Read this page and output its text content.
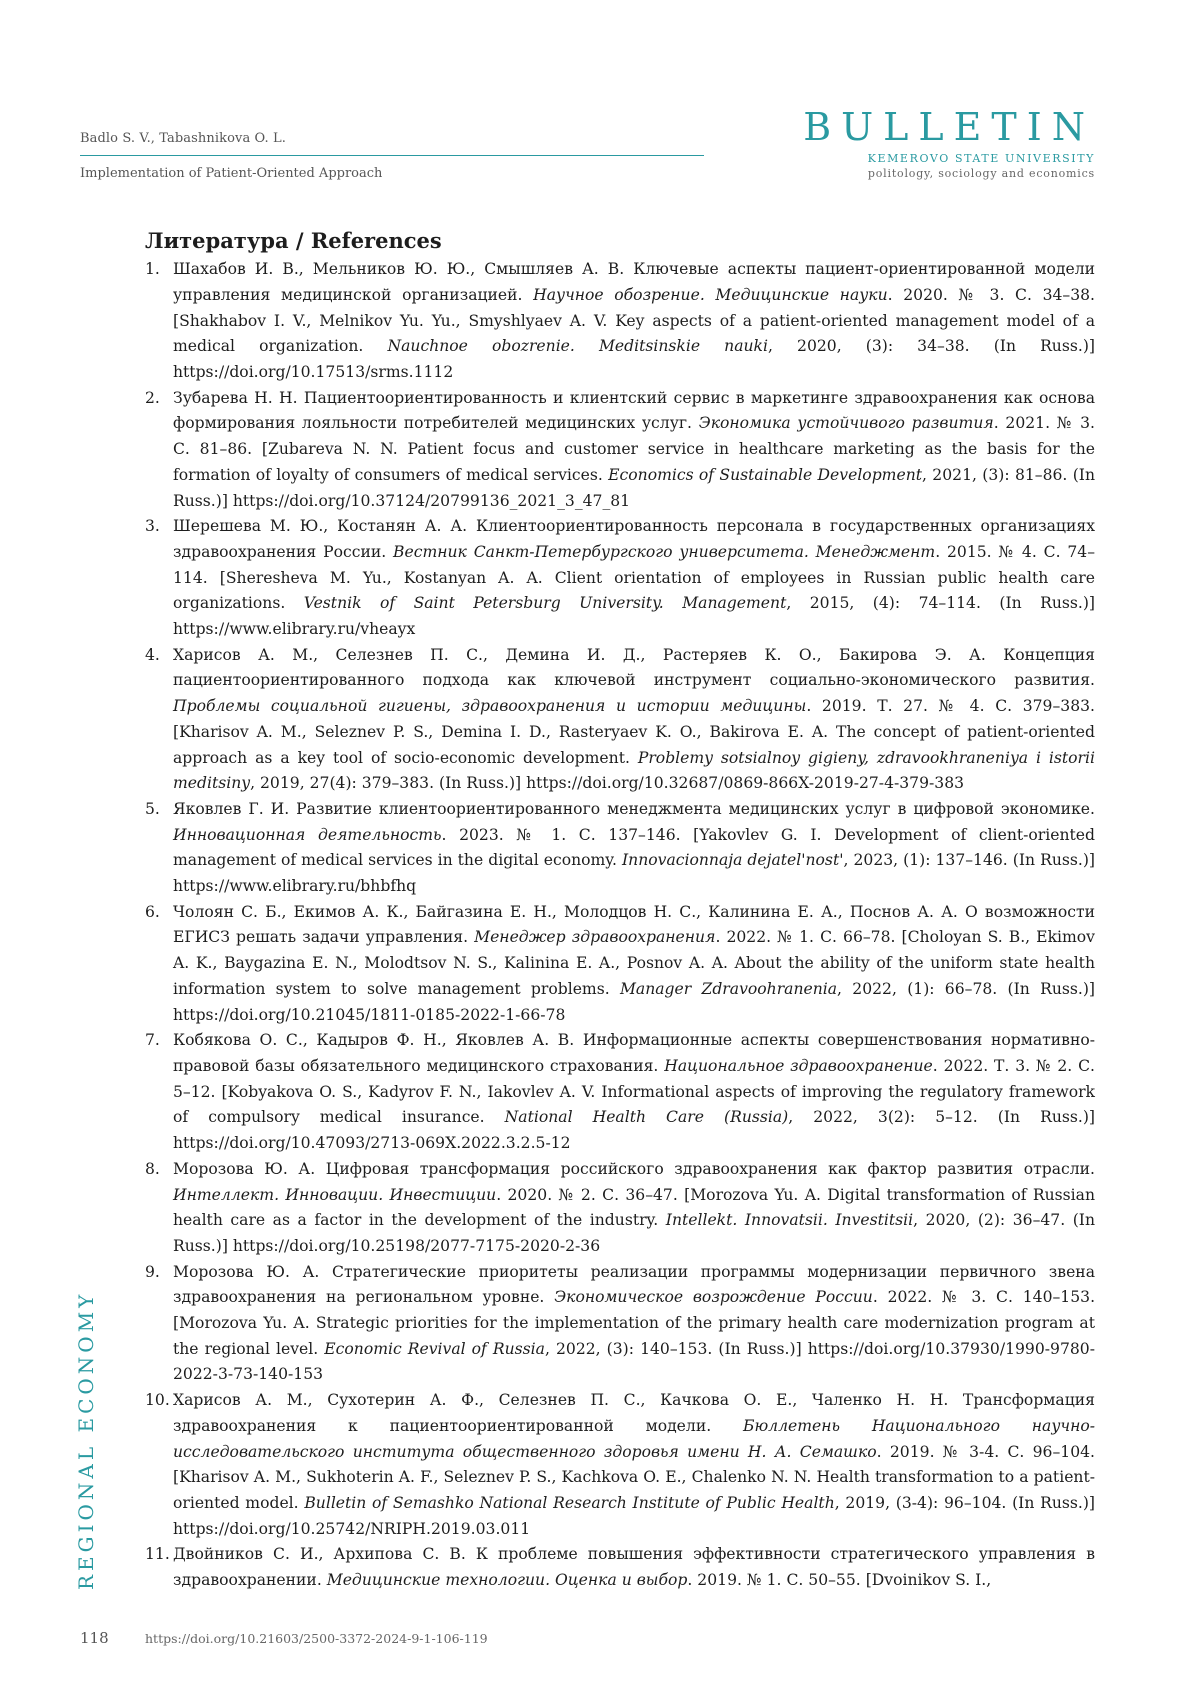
Badlo S. V., Tabashnikova O. L.
Implementation of Patient-Oriented Approach
BULLETIN
KEMEROVO STATE UNIVERSITY
politology, sociology and economics
Литература / References
1. Шахабов И. В., Мельников Ю. Ю., Смышляев А. В. Ключевые аспекты пациент-ориентированной модели управления медицинской организацией. Научное обозрение. Медицинские науки. 2020. № 3. С. 34–38. [Shakhabov I. V., Melnikov Yu. Yu., Smyshlyaev A. V. Key aspects of a patient-oriented management model of a medical organization. Nauchnoe obozrenie. Meditsinskie nauki, 2020, (3): 34–38. (In Russ.)] https://doi.org/10.17513/srms.1112
2. Зубарева Н. Н. Пациентоориентированность и клиентский сервис в маркетинге здравоохранения как основа формирования лояльности потребителей медицинских услуг. Экономика устойчивого развития. 2021. № 3. С. 81–86. [Zubareva N. N. Patient focus and customer service in healthcare marketing as the basis for the formation of loyalty of consumers of medical services. Economics of Sustainable Development, 2021, (3): 81–86. (In Russ.)] https://doi.org/10.37124/20799136_2021_3_47_81
3. Шерешева М. Ю., Костанян А. А. Клиентоориентированность персонала в государственных организациях здравоохранения России. Вестник Санкт-Петербургского университета. Менеджмент. 2015. № 4. С. 74–114. [Sheresheva M. Yu., Kostanyan A. A. Client orientation of employees in Russian public health care organizations. Vestnik of Saint Petersburg University. Management, 2015, (4): 74–114. (In Russ.)] https://www.elibrary.ru/vheayx
4. Харисов А. М., Селезнев П. С., Демина И. Д., Растеряев К. О., Бакирова Э. А. Концепция пациентоориентированного подхода как ключевой инструмент социально-экономического развития. Проблемы социальной гигиены, здравоохранения и истории медицины. 2019. Т. 27. № 4. С. 379–383. [Kharisov A. M., Seleznev P. S., Demina I. D., Rasteryaev K. O., Bakirova E. A. The concept of patient-oriented approach as a key tool of socio-economic development. Problemy sotsialnoy gigieny, zdravookhraneniya i istorii meditsiny, 2019, 27(4): 379–383. (In Russ.)] https://doi.org/10.32687/0869-866X-2019-27-4-379-383
5. Яковлев Г. И. Развитие клиентоориентированного менеджмента медицинских услуг в цифровой экономике. Инновационная деятельность. 2023. № 1. С. 137–146. [Yakovlev G. I. Development of client-oriented management of medical services in the digital economy. Innovacionnaja dejatel'nost', 2023, (1): 137–146. (In Russ.)] https://www.elibrary.ru/bhbfhq
6. Чолоян С. Б., Екимов А. К., Байгазина Е. Н., Молодцов Н. С., Калинина Е. А., Поснов А. А. О возможности ЕГИСЗ решать задачи управления. Менеджер здравоохранения. 2022. № 1. С. 66–78. [Choloyan S. B., Ekimov A. K., Baygazina E. N., Molodtsov N. S., Kalinina E. A., Posnov A. A. About the ability of the uniform state health information system to solve management problems. Manager Zdravoohranenia, 2022, (1): 66–78. (In Russ.)] https://doi.org/10.21045/1811-0185-2022-1-66-78
7. Кобякова О. С., Кадыров Ф. Н., Яковлев А. В. Информационные аспекты совершенствования нормативно-правовой базы обязательного медицинского страхования. Национальное здравоохранение. 2022. Т. 3. № 2. С. 5–12. [Kobyakova O. S., Kadyrov F. N., Iakovlev A. V. Informational aspects of improving the regulatory framework of compulsory medical insurance. National Health Care (Russia), 2022, 3(2): 5–12. (In Russ.)] https://doi.org/10.47093/2713-069X.2022.3.2.5-12
8. Морозова Ю. А. Цифровая трансформация российского здравоохранения как фактор развития отрасли. Интеллект. Инновации. Инвестиции. 2020. № 2. С. 36–47. [Morozova Yu. A. Digital transformation of Russian health care as a factor in the development of the industry. Intellekt. Innovatsii. Investitsii, 2020, (2): 36–47. (In Russ.)] https://doi.org/10.25198/2077-7175-2020-2-36
9. Морозова Ю. А. Стратегические приоритеты реализации программы модернизации первичного звена здравоохранения на региональном уровне. Экономическое возрождение России. 2022. № 3. С. 140–153. [Morozova Yu. A. Strategic priorities for the implementation of the primary health care modernization program at the regional level. Economic Revival of Russia, 2022, (3): 140–153. (In Russ.)] https://doi.org/10.37930/1990-9780-2022-3-73-140-153
10. Харисов А. М., Сухотерин А. Ф., Селезнев П. С., Качкова О. Е., Чаленко Н. Н. Трансформация здравоохранения к пациентоориентированной модели. Бюллетень Национального научно-исследовательского института общественного здоровья имени Н. А. Семашко. 2019. № 3-4. С. 96–104. [Kharisov A. M., Sukhoterin A. F., Seleznev P. S., Kachkova O. E., Chalenko N. N. Health transformation to a patient-oriented model. Bulletin of Semashko National Research Institute of Public Health, 2019, (3-4): 96–104. (In Russ.)] https://doi.org/10.25742/NRIPH.2019.03.011
11. Двойников С. И., Архипова С. В. К проблеме повышения эффективности стратегического управления в здравоохранении. Медицинские технологии. Оценка и выбор. 2019. № 1. С. 50–55. [Dvoinikov S. I.,
REGIONAL ECONOMY
118	https://doi.org/10.21603/2500-3372-2024-9-1-106-119
